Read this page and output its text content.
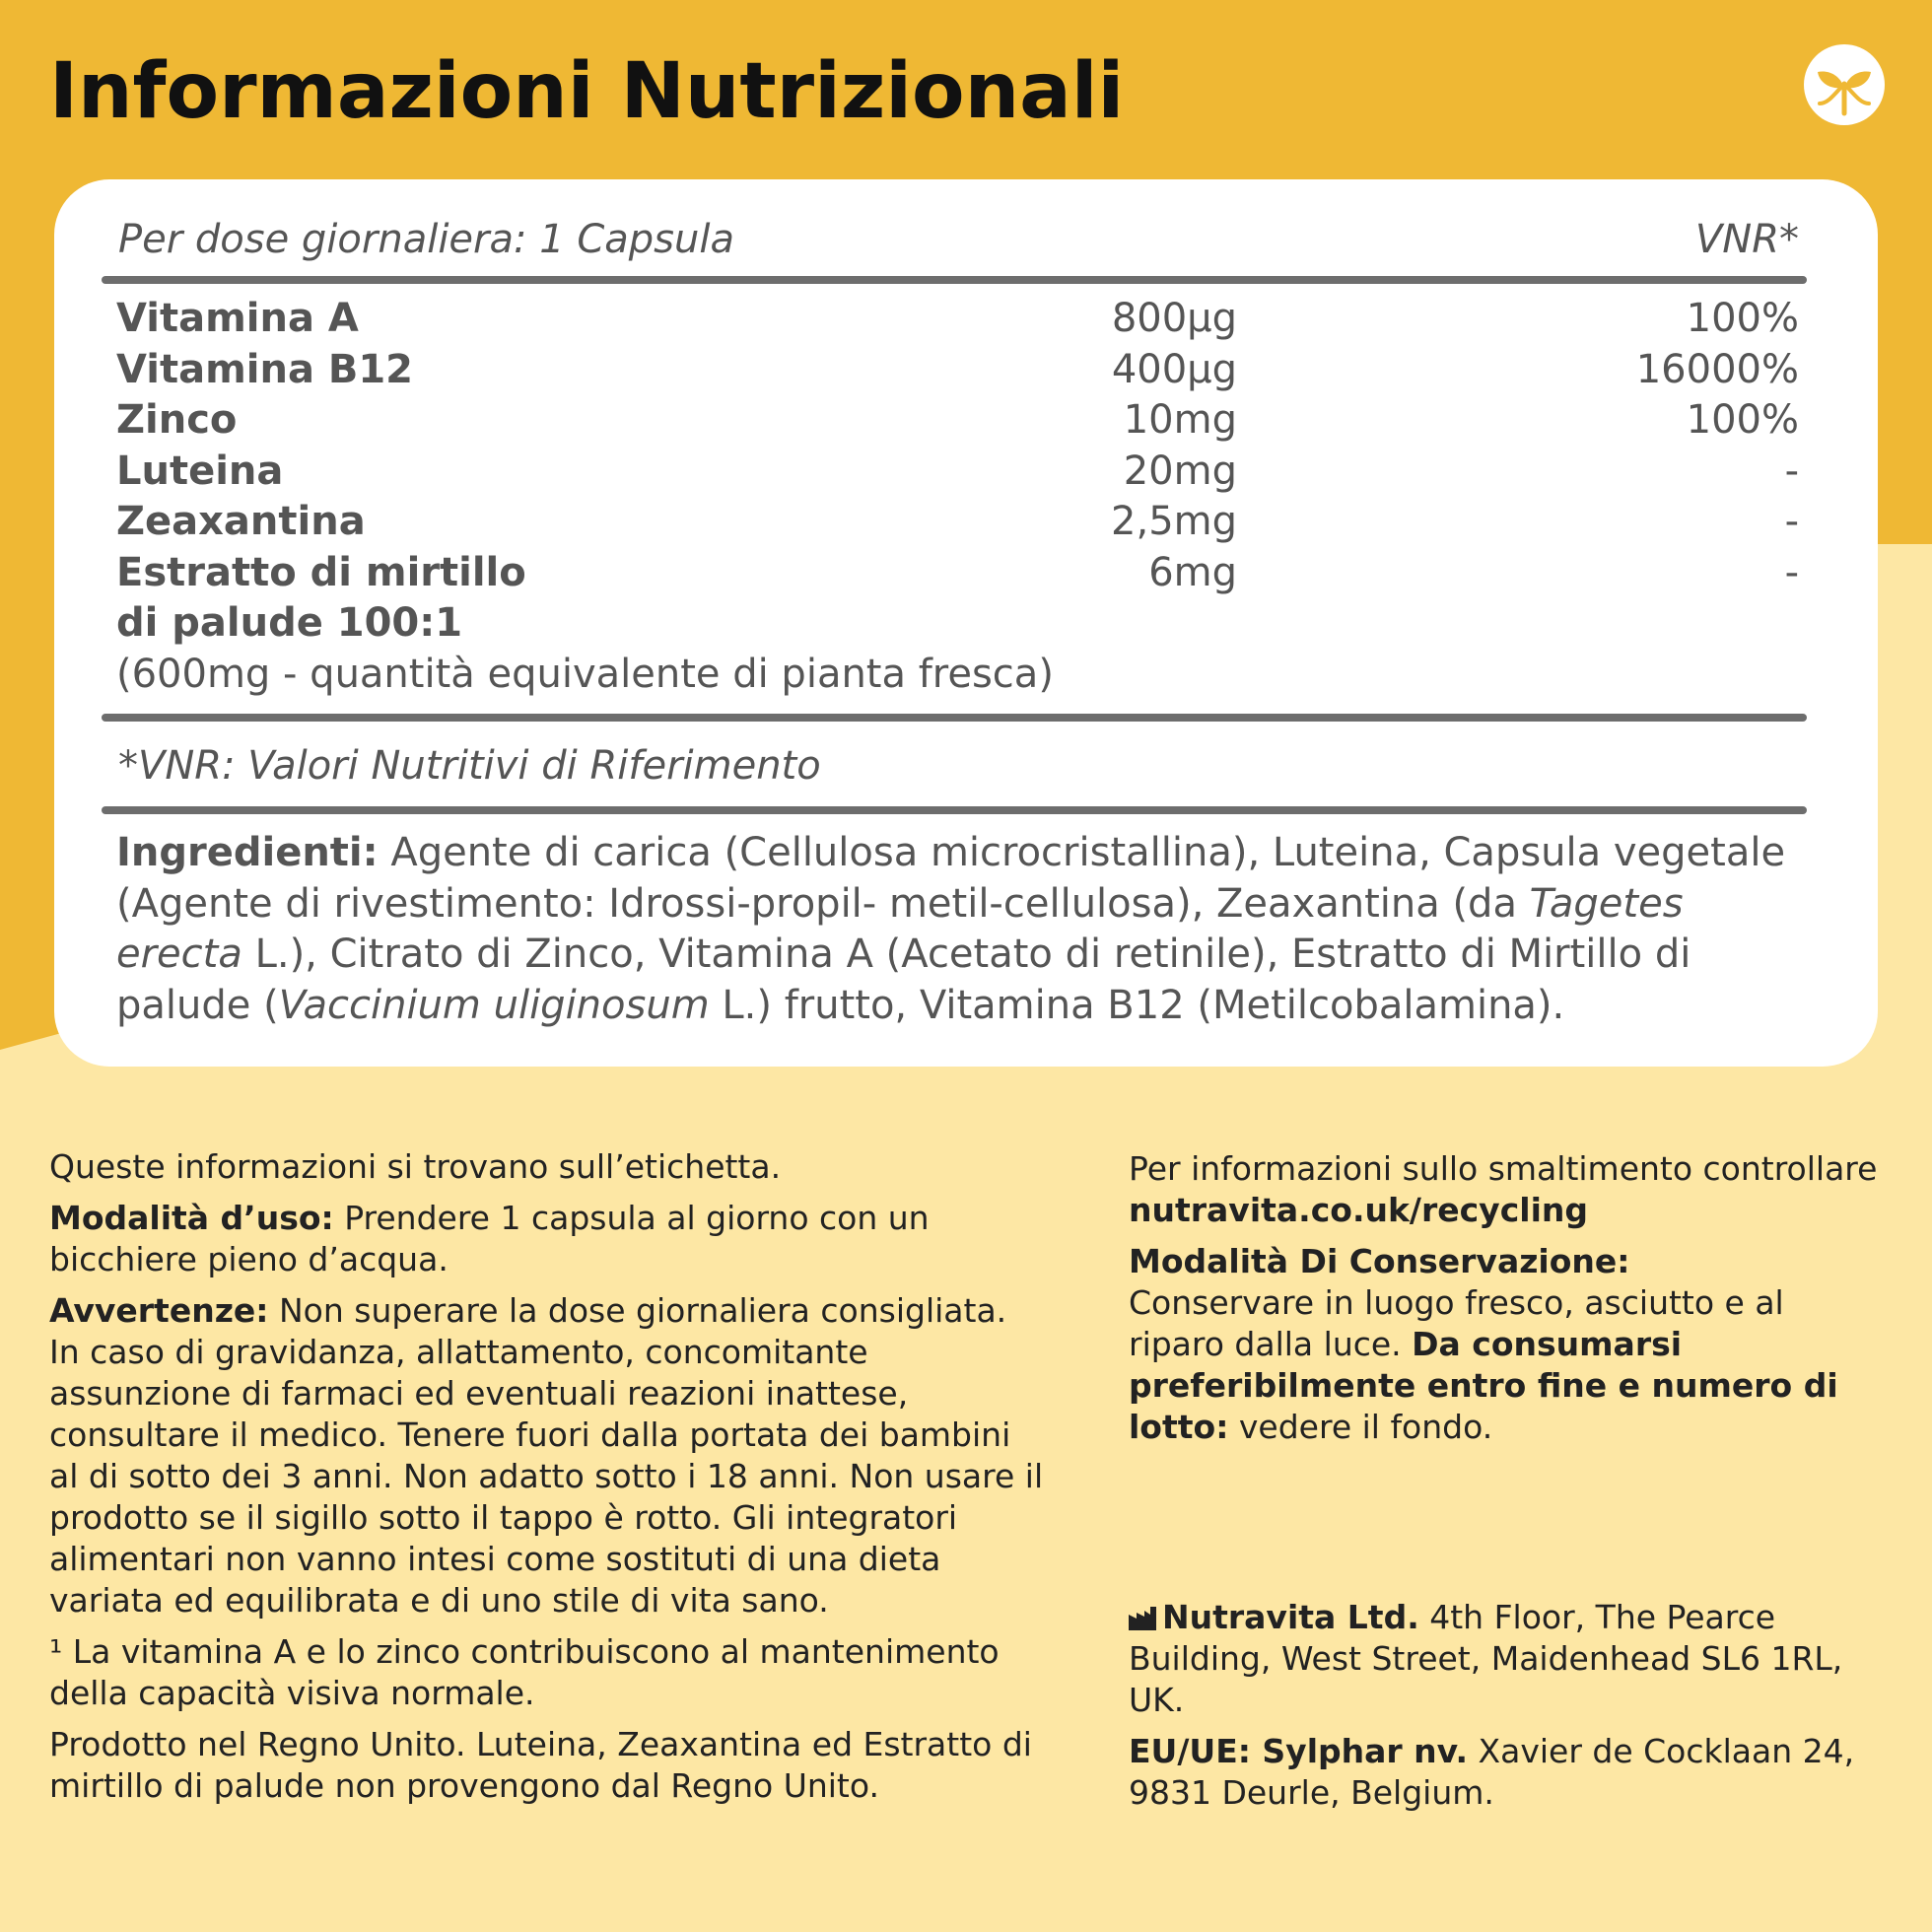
Informazioni Nutrizionali
Per dose giornaliera: 1 Capsula	VNR*
Vitamina A	800µg	100%
Vitamina B12	400µg	16000%
Zinco	10mg	100%
Luteina	20mg	-
Zeaxantina	2,5mg	-
Estratto di mirtillo	6mg	-
di palude 100:1
(600mg - quantità equivalente di pianta fresca)
*VNR: Valori Nutritivi di Riferimento
Ingredienti: Agente di carica (Cellulosa microcristallina), Luteina, Capsula vegetale (Agente di rivestimento: Idrossi-propil- metil-cellulosa), Zeaxantina (da Tagetes erecta L.), Citrato di Zinco, Vitamina A (Acetato di retinile), Estratto di Mirtillo di palude (Vaccinium uliginosum L.) frutto, Vitamina B12 (Metilcobalamina).

Queste informazioni si trovano sull’etichetta.

Modalità d’uso: Prendere 1 capsula al giorno con un bicchiere pieno d’acqua.

Avvertenze: Non superare la dose giornaliera consigliata. In caso di gravidanza, allattamento, concomitante assunzione di farmaci ed eventuali reazioni inattese, consultare il medico. Tenere fuori dalla portata dei bambini al di sotto dei 3 anni. Non adatto sotto i 18 anni. Non usare il prodotto se il sigillo sotto il tappo è rotto. Gli integratori alimentari non vanno intesi come sostituti di una dieta variata ed equilibrata e di uno stile di vita sano.

¹ La vitamina A e lo zinco contribuiscono al mantenimento della capacità visiva normale.

Prodotto nel Regno Unito. Luteina, Zeaxantina ed Estratto di mirtillo di palude non provengono dal Regno Unito.

Per informazioni sullo smaltimento controllare nutravita.co.uk/recycling

Modalità Di Conservazione:
Conservare in luogo fresco, asciutto e al riparo dalla luce. Da consumarsi preferibilmente entro fine e numero di lotto: vedere il fondo.

Nutravita Ltd. 4th Floor, The Pearce Building, West Street, Maidenhead SL6 1RL, UK.

EU/UE: Sylphar nv. Xavier de Cocklaan 24, 9831 Deurle, Belgium.
